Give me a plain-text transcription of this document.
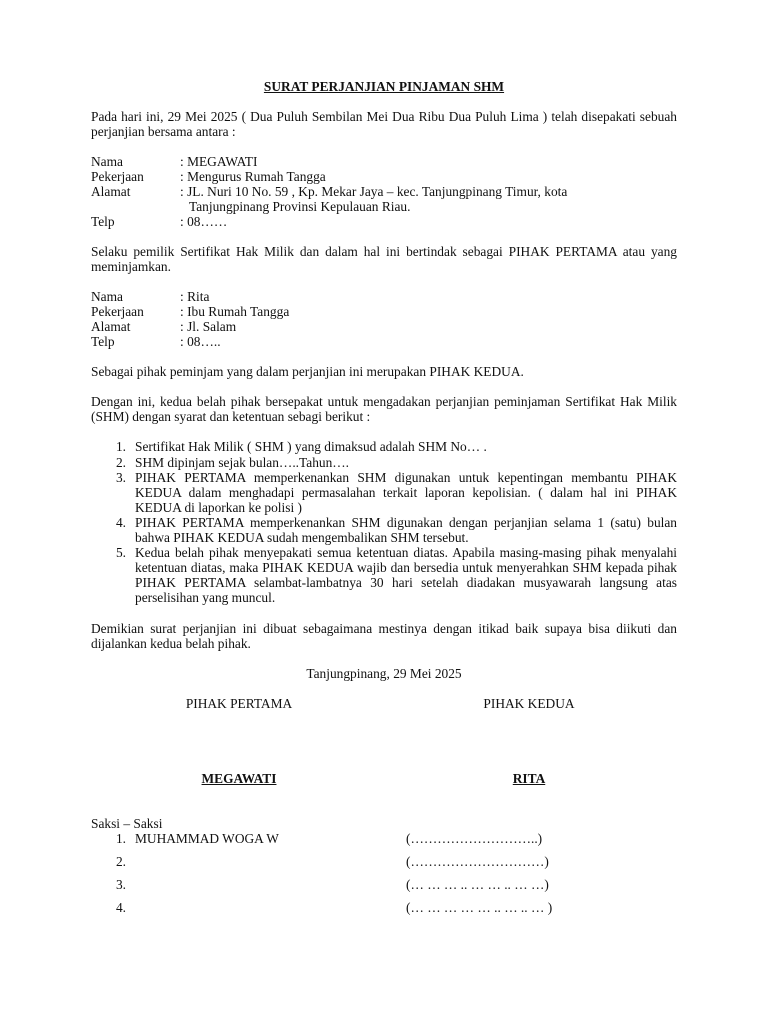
SURAT PERJANJIAN PINJAMAN SHM
Pada hari ini, 29 Mei 2025 ( Dua Puluh Sembilan Mei Dua Ribu Dua Puluh Lima ) telah disepakati sebuah perjanjian bersama antara :
Nama	: MEGAWATI
Pekerjaan	: Mengurus Rumah Tangga
Alamat	: JL. Nuri 10 No. 59 , Kp. Mekar Jaya – kec. Tanjungpinang Timur, kota
Tanjungpinang Provinsi Kepulauan Riau.
Telp	: 08……
Selaku pemilik Sertifikat Hak Milik dan dalam hal ini bertindak sebagai PIHAK PERTAMA atau yang meminjamkan.
Nama	: Rita
Pekerjaan	: Ibu Rumah Tangga
Alamat	: Jl. Salam
Telp	: 08…..
Sebagai pihak peminjam yang dalam perjanjian ini merupakan PIHAK KEDUA.
Dengan ini, kedua belah pihak bersepakat untuk mengadakan perjanjian peminjaman Sertifikat Hak Milik (SHM) dengan syarat dan ketentuan sebagi berikut :
1. Sertifikat Hak Milik ( SHM ) yang dimaksud adalah SHM No… .
2. SHM dipinjam sejak bulan…..Tahun….
3. PIHAK PERTAMA memperkenankan SHM digunakan untuk kepentingan membantu PIHAK KEDUA dalam menghadapi permasalahan terkait laporan kepolisian. ( dalam hal ini PIHAK KEDUA di laporkan ke polisi )
4. PIHAK PERTAMA memperkenankan SHM digunakan dengan perjanjian selama 1 (satu) bulan bahwa PIHAK KEDUA sudah mengembalikan SHM tersebut.
5. Kedua belah pihak menyepakati semua ketentuan diatas. Apabila masing-masing pihak menyalahi ketentuan diatas, maka PIHAK KEDUA wajib dan bersedia untuk menyerahkan SHM kepada pihak PIHAK PERTAMA selambat-lambatnya 30 hari setelah diadakan musyawarah langsung atas perselisihan yang muncul.
Demikian surat perjanjian ini dibuat sebagaimana mestinya dengan itikad baik supaya bisa diikuti dan dijalankan kedua belah pihak.
Tanjungpinang, 29 Mei 2025
PIHAK PERTAMA	PIHAK KEDUA
MEGAWATI	RITA
Saksi – Saksi
1. MUHAMMAD WOGA W	(………………………..)
2.	(…………………………)
3.	(… … … .. … … .. … …)
4.	(… … … … … .. … .. … )
